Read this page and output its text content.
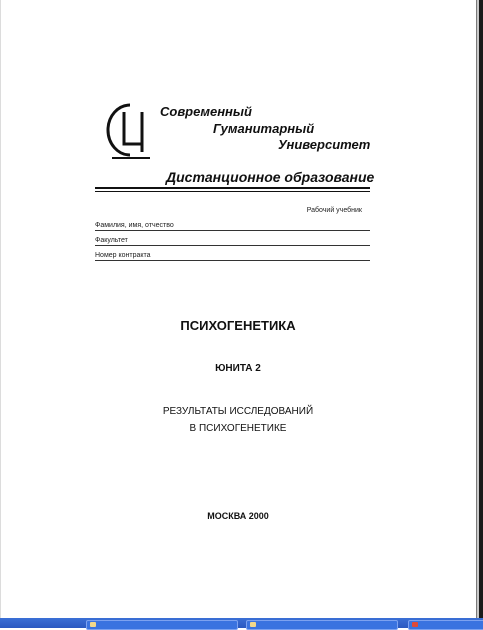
Современный
Гуманитарный
Университет
Дистанционное образование
Рабочий учебник
Фамилия, имя, отчество
Факультет
Номер контракта
ПСИХОГЕНЕТИКА
ЮНИТА 2
РЕЗУЛЬТАТЫ ИССЛЕДОВАНИЙ
В ПСИХОГЕНЕТИКЕ
МОСКВА 2000
